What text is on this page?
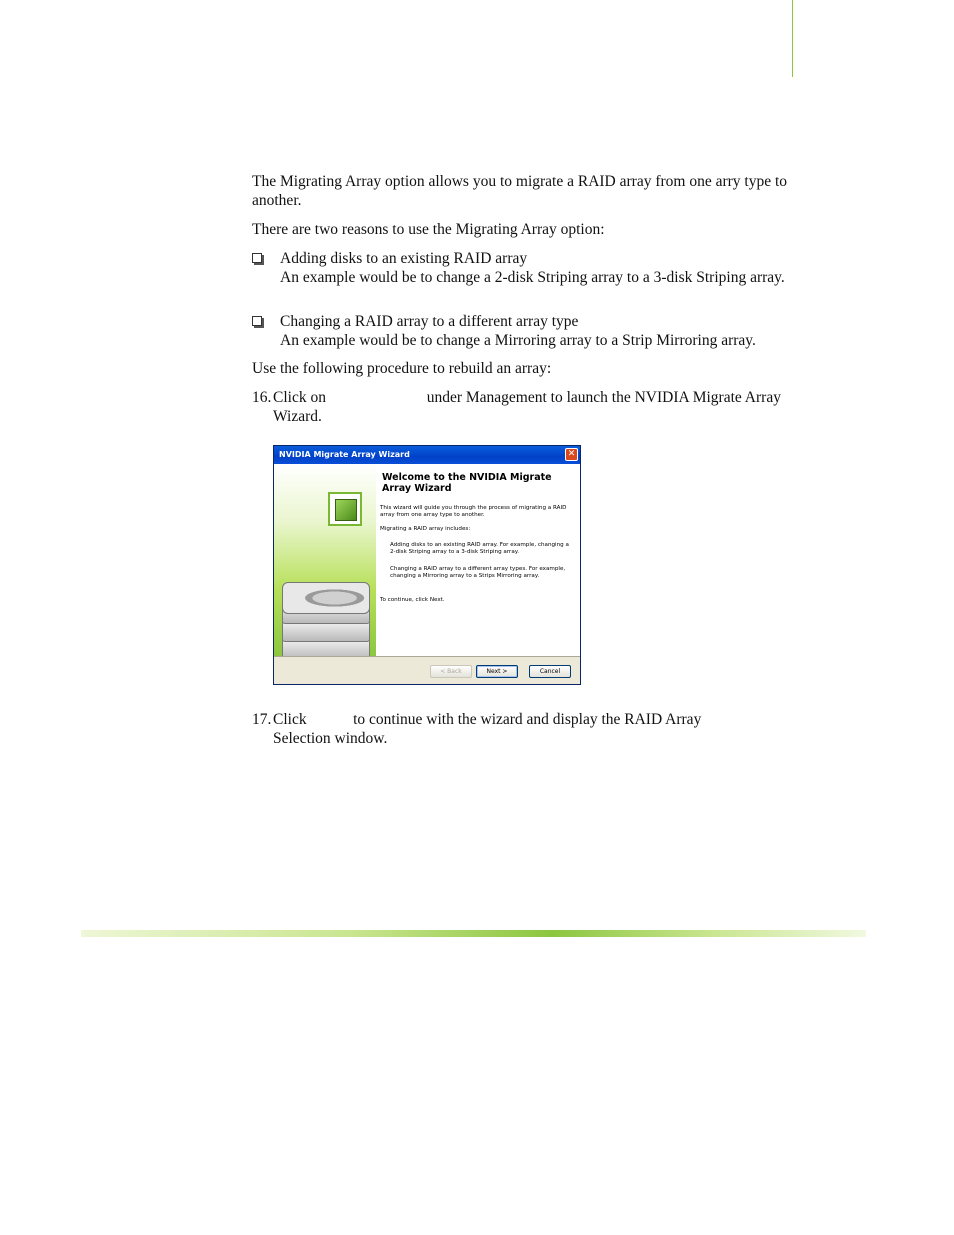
The Migrating Array option allows you to migrate a RAID array from one arry type to another.

There are two reasons to use the Migrating Array option:

Adding disks to an existing RAID array
An example would be to change a 2-disk Striping array to a 3-disk Striping array.
Changing a RAID array to a different array type
An example would be to change a Mirroring array to a Strip Mirroring array.

Use the following procedure to rebuild an array:

16. Click on                          under Management to launch the NVIDIA Migrate Array Wizard.
NVIDIA Migrate Array Wizard	✕
Welcome to the NVIDIA Migrate Array Wizard

This wizard will guide you through the process of migrating a RAID array from one array type to another.

Migrating a RAID array includes:

Adding disks to an existing RAID array. For example, changing a 2-disk Striping array to a 3-disk Striping array.

Changing a RAID array to a different array types. For example, changing a Mirroring array to a Strips Mirroring array.

To continue, click Next.

< Back	Next >	Cancel
17. Click            to continue with the wizard and display the RAID Array Selection window.
